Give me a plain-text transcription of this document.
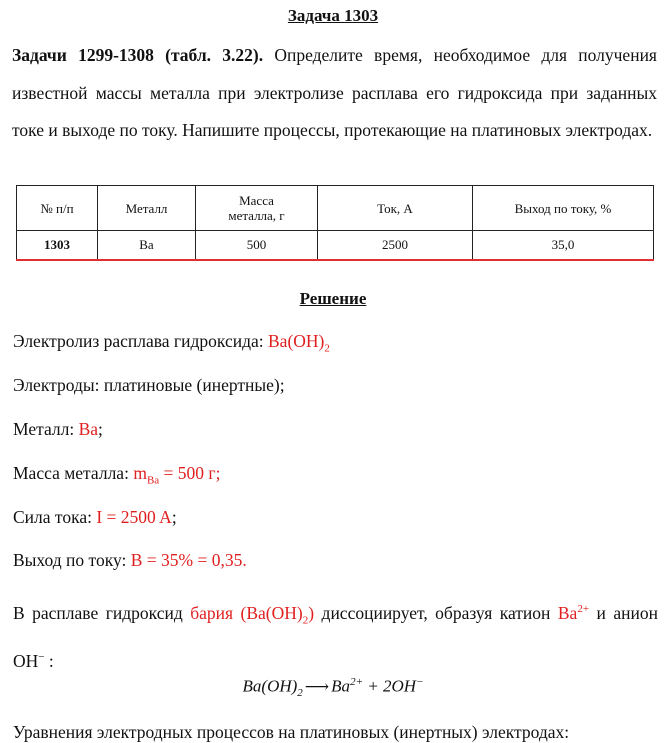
Задача 1303
Задачи 1299-1308 (табл. 3.22). Определите время, необходимое для получения известной массы металла при электролизе расплава его гидроксида при заданных токе и выходе по току. Напишите процессы, протекающие на платиновых электродах.
№ п/п	Металл	Масса металла, г	Ток, А	Выход по току, %
1303	Ba	500	2500	35,0
Решение
Электролиз расплава гидроксида: $Ba(OH)_2$
Электроды: платиновые (инертные);
Металл: Ba;
Масса металла: $m_{Ba} = 500$ г;
Сила тока: I = 2500 A;
Выход по току: B = 35% = 0,35.
В расплаве гидроксид бария $(Ba(OH)_2)$ диссоциирует, образуя катион $Ba^{2+}$ и анион OH− :
$Ba(OH)_2$ ⟶ $Ba^{2+} + 2OH^-$
Уравнения электродных процессов на платиновых (инертных) электродах:
